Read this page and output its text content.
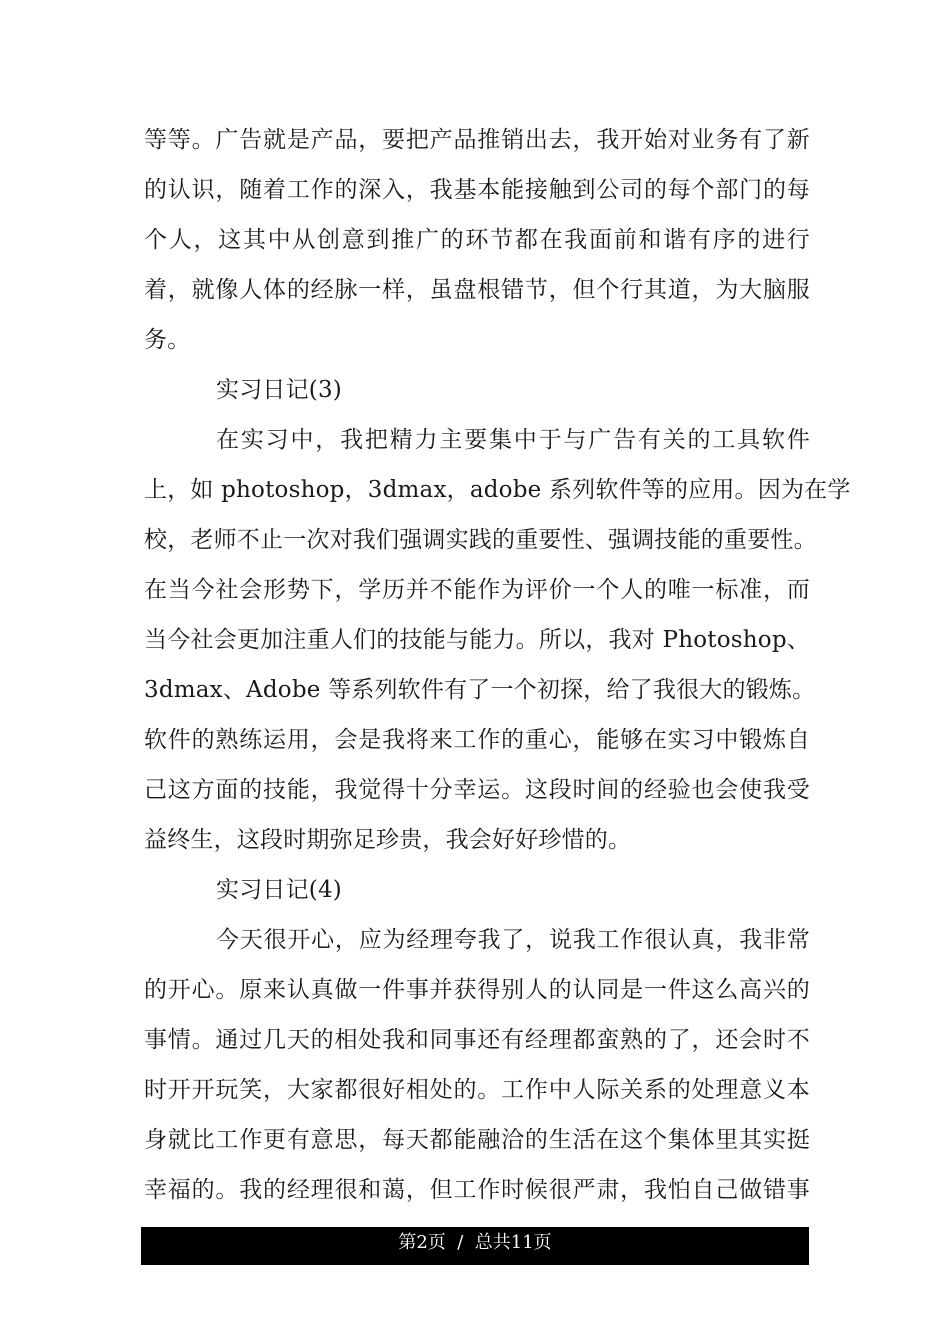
等等。广告就是产品，要把产品推销出去，我开始对业务有了新
的认识，随着工作的深入，我基本能接触到公司的每个部门的每
个人，这其中从创意到推广的环节都在我面前和谐有序的进行
着，就像人体的经脉一样，虽盘根错节，但个行其道，为大脑服
务。
实习日记(3)
在实习中，我把精力主要集中于与广告有关的工具软件
上，如 photoshop，3dmax，adobe 系列软件等的应用。因为在学
校，老师不止一次对我们强调实践的重要性、强调技能的重要性。
在当今社会形势下，学历并不能作为评价一个人的唯一标准，而
当今社会更加注重人们的技能与能力。所以，我对 Photoshop、
3dmax、Adobe 等系列软件有了一个初探，给了我很大的锻炼。
软件的熟练运用，会是我将来工作的重心，能够在实习中锻炼自
己这方面的技能，我觉得十分幸运。这段时间的经验也会使我受
益终生，这段时期弥足珍贵，我会好好珍惜的。
实习日记(4)
今天很开心，应为经理夸我了，说我工作很认真，我非常
的开心。原来认真做一件事并获得别人的认同是一件这么高兴的
事情。通过几天的相处我和同事还有经理都蛮熟的了，还会时不
时开开玩笑，大家都很好相处的。工作中人际关系的处理意义本
身就比工作更有意思，每天都能融洽的生活在这个集体里其实挺
幸福的。我的经理很和蔼，但工作时候很严肃，我怕自己做错事
第2页  /  总共11页
